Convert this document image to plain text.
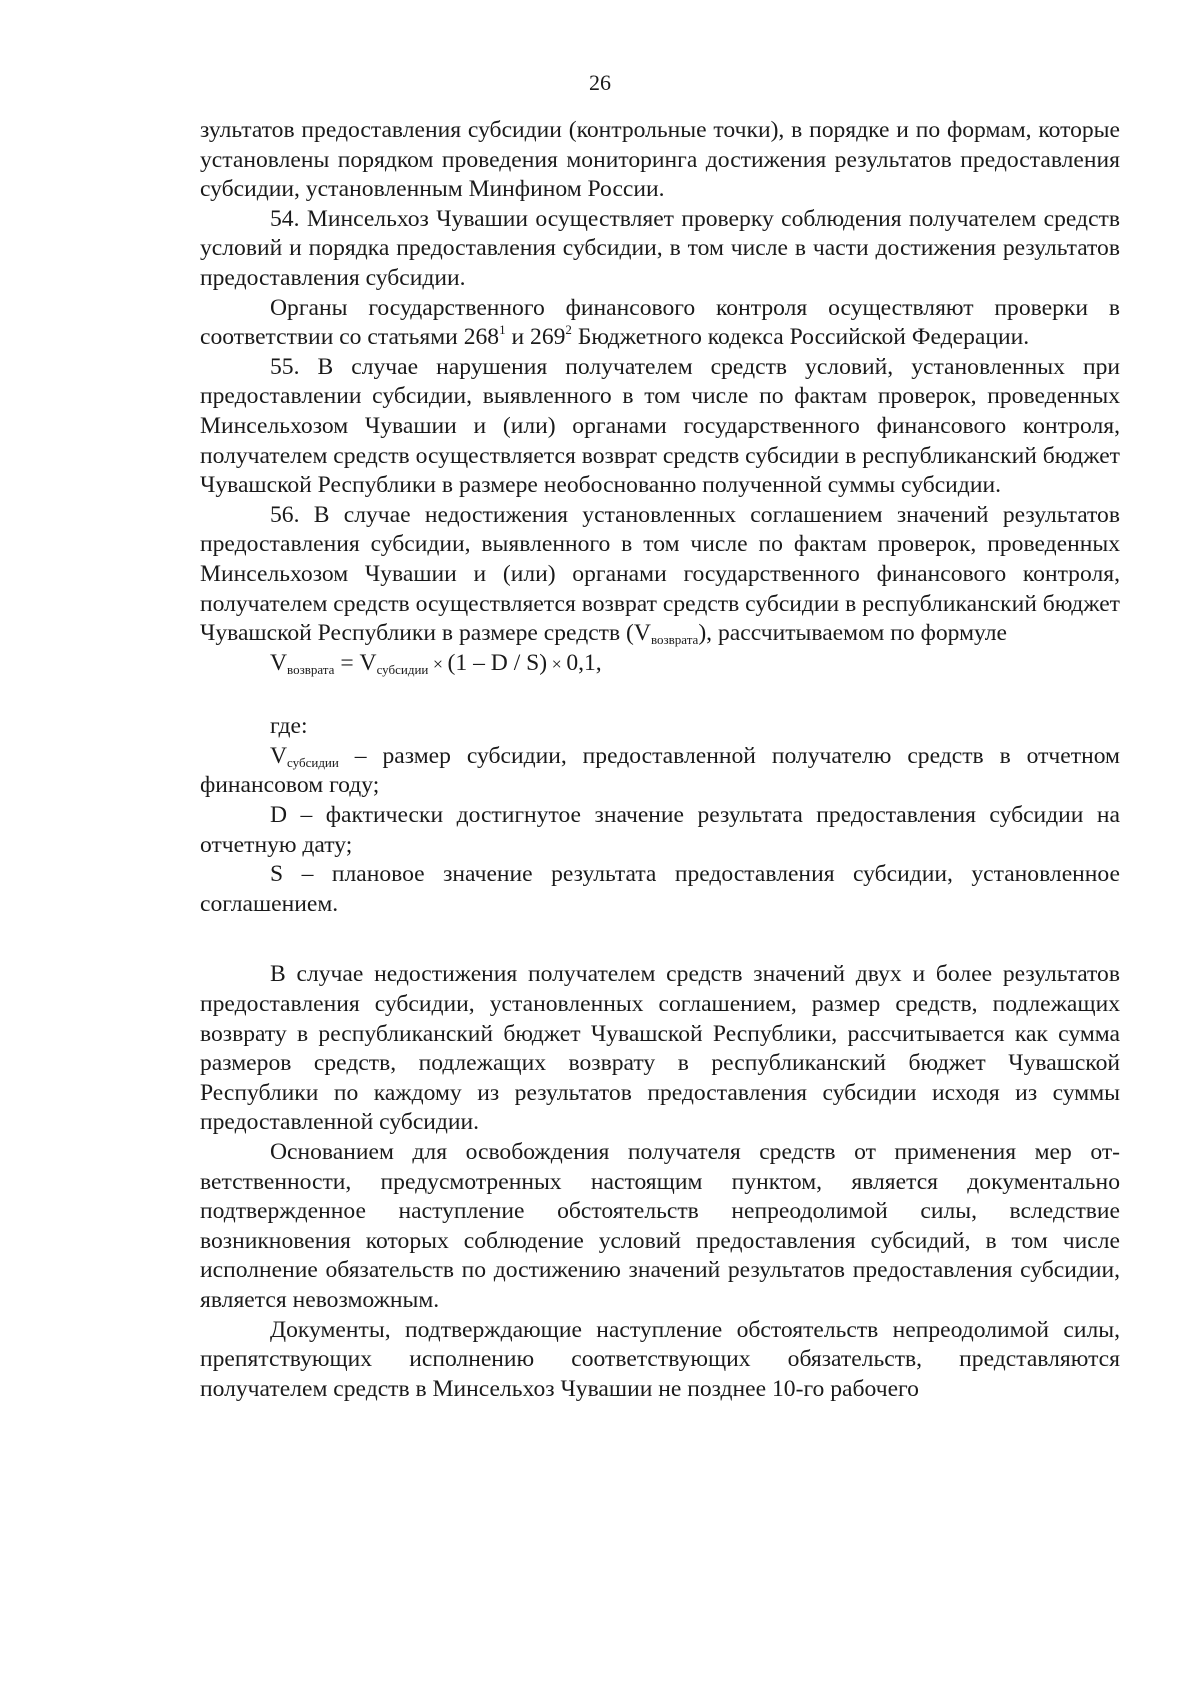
26

зультатов предоставления субсидии (контрольные точки), в порядке и по формам, которые установлены порядком проведения мониторинга достижения результатов предоставления субсидии, установленным Минфином России.

54. Минсельхоз Чувашии осуществляет проверку соблюдения получателем средств условий и порядка предоставления субсидии, в том числе в части достижения результатов предоставления субсидии.

Органы государственного финансового контроля осуществляют проверки в соответствии со статьями $268^1$ и $269^2$ Бюджетного кодекса Российской Федерации.

55. В случае нарушения получателем средств условий, установленных при предоставлении субсидии, выявленного в том числе по фактам проверок, проведенных Минсельхозом Чувашии и (или) органами государственного финансового контроля, получателем средств осуществляется возврат средств субсидии в республиканский бюджет Чувашской Республики в размере необоснованно полученной суммы субсидии.

56. В случае недостижения установленных соглашением значений результатов предоставления субсидии, выявленного в том числе по фактам проверок, проведенных Минсельхозом Чувашии и (или) органами государственного финансового контроля, получателем средств осуществляется возврат средств субсидии в республиканский бюджет Чувашской Республики в размере средств $(V_{возврата})$, рассчитываемом по формуле

$V_{возврата} = V_{субсидии} \times (1 - D / S) \times 0,1$,

где:

$V_{субсидии}$ – размер субсидии, предоставленной получателю средств в отчетном финансовом году;

D – фактически достигнутое значение результата предоставления субсидии на отчетную дату;

S – плановое значение результата предоставления субсидии, установленное соглашением.

В случае недостижения получателем средств значений двух и более результатов предоставления субсидии, установленных соглашением, размер средств, подлежащих возврату в республиканский бюджет Чувашской Республики, рассчитывается как сумма размеров средств, подлежащих возврату в республиканский бюджет Чувашской Республики по каждому из результатов предоставления субсидии исходя из суммы предоставленной субсидии.

Основанием для освобождения получателя средств от применения мер ответственности, предусмотренных настоящим пунктом, является документально подтвержденное наступление обстоятельств непреодолимой силы, вследствие возникновения которых соблюдение условий предоставления субсидий, в том числе исполнение обязательств по достижению значений результатов предоставления субсидии, является невозможным.

Документы, подтверждающие наступление обстоятельств непреодолимой силы, препятствующих исполнению соответствующих обязательств, представляются получателем средств в Минсельхоз Чувашии не позднее 10-го рабочего
